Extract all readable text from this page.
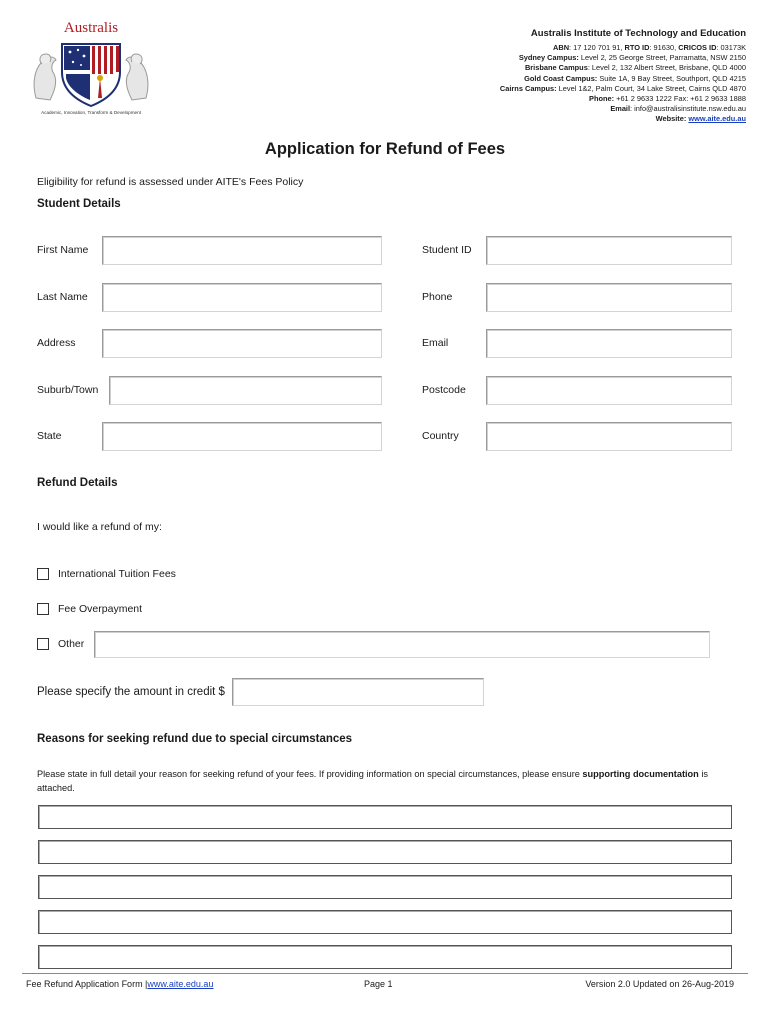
Australis
Academic, Innovation, Transform & Development
Australis Institute of Technology and Education
ABN: 17 120 701 91, RTO ID: 91630, CRICOS ID: 03173K
Sydney Campus: Level 2, 25 George Street, Parramatta, NSW 2150
Brisbane Campus: Level 2, 132 Albert Street, Brisbane, QLD 4000
Gold Coast Campus: Suite 1A, 9 Bay Street, Southport, QLD 4215
Cairns Campus: Level 1&2, Palm Court, 34 Lake Street, Cairns QLD 4870
Phone: +61 2 9633 1222 Fax: +61 2 9633 1888
Email: info@australisinstitute.nsw.edu.au
Website: www.aite.edu.au
Application for Refund of Fees
Eligibility for refund is assessed under AITE's Fees Policy
Student Details
First Name	Student ID
Last Name	Phone
Address	Email
Suburb/Town	Postcode
State	Country
Refund Details
I would like a refund of my:
International Tuition Fees
Fee Overpayment
Other
Please specify the amount in credit $
Reasons for seeking refund due to special circumstances
Please state in full detail your reason for seeking refund of your fees. If providing information on special circumstances, please ensure supporting documentation is attached.
Fee Refund Application Form |www.aite.edu.au	Page 1	Version 2.0 Updated on 26-Aug-2019
